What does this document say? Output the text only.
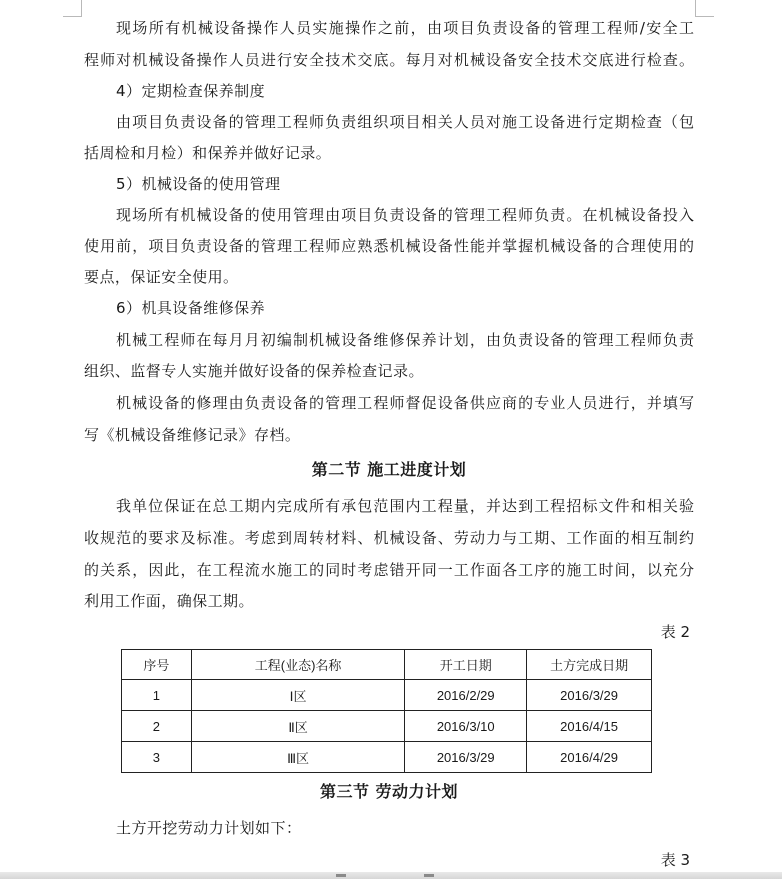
现场所有机械设备操作人员实施操作之前，由项目负责设备的管理工程师/安全工

程师对机械设备操作人员进行安全技术交底。每月对机械设备安全技术交底进行检查。

4）定期检查保养制度

由项目负责设备的管理工程师负责组织项目相关人员对施工设备进行定期检查（包

括周检和月检）和保养并做好记录。

5）机械设备的使用管理

现场所有机械设备的使用管理由项目负责设备的管理工程师负责。在机械设备投入

使用前，项目负责设备的管理工程师应熟悉机械设备性能并掌握机械设备的合理使用的

要点，保证安全使用。

6）机具设备维修保养

机械工程师在每月月初编制机械设备维修保养计划，由负责设备的管理工程师负责

组织、监督专人实施并做好设备的保养检查记录。

机械设备的修理由负责设备的管理工程师督促设备供应商的专业人员进行，并填写

写《机械设备维修记录》存档。

第二节 施工进度计划

我单位保证在总工期内完成所有承包范围内工程量，并达到工程招标文件和相关验

收规范的要求及标准。考虑到周转材料、机械设备、劳动力与工期、工作面的相互制约

的关系，因此，在工程流水施工的同时考虑错开同一工作面各工序的施工时间，以充分

利用工作面，确保工期。

表 2
序号	工程(业态)名称	开工日期	土方完成日期
1	Ⅰ区	2016/2/29	2016/3/29
2	Ⅱ区	2016/3/10	2016/4/15
3	Ⅲ区	2016/3/29	2016/4/29
第三节 劳动力计划

土方开挖劳动力计划如下：

表 3
